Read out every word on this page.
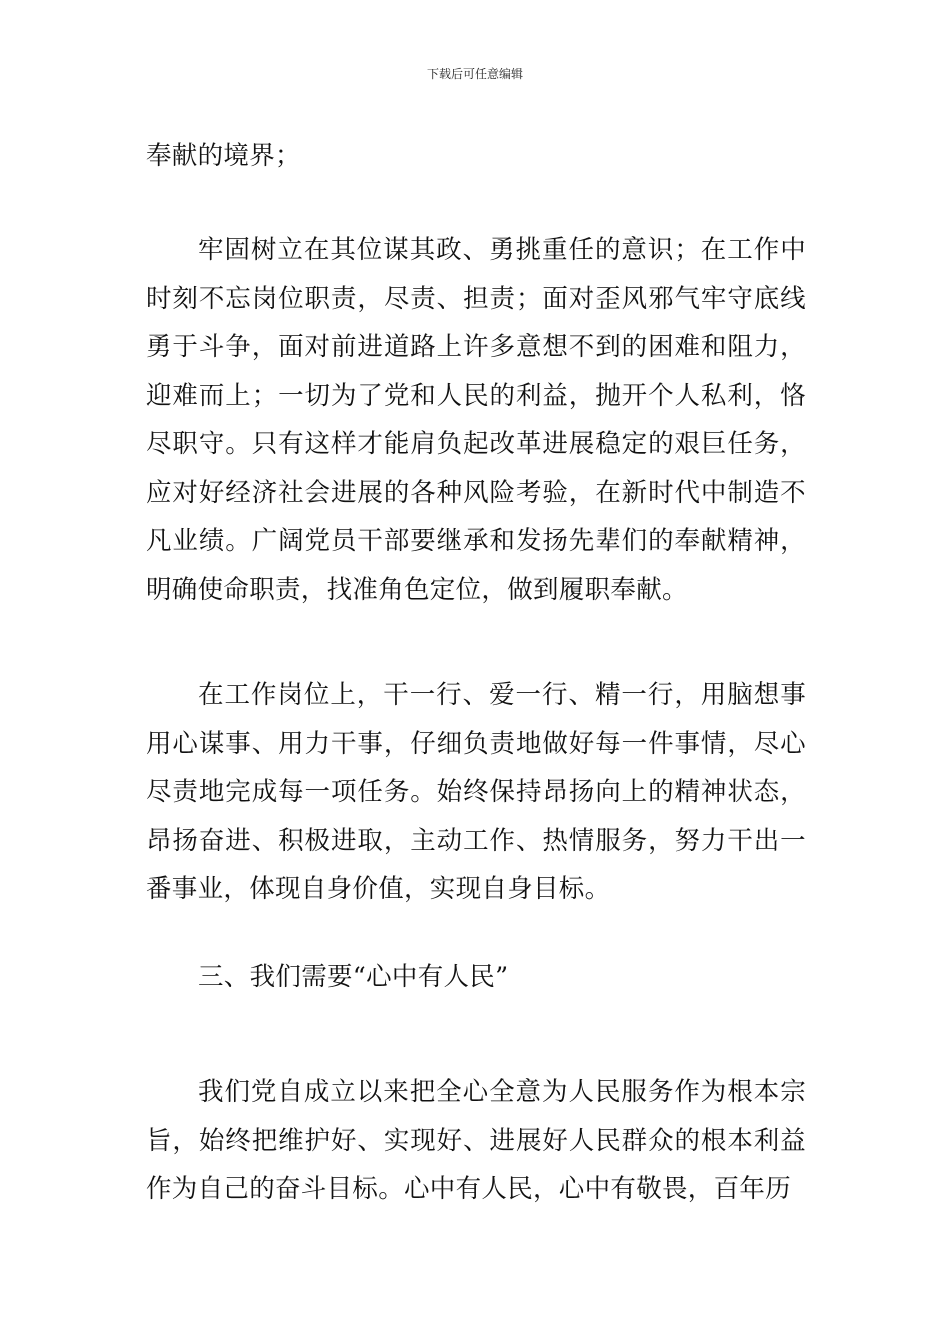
下载后可任意编辑

奉献的境界；

牢固树立在其位谋其政、勇挑重任的意识；在工作中时刻不忘岗位职责，尽责、担责；面对歪风邪气牢守底线勇于斗争，面对前进道路上许多意想不到的困难和阻力，迎难而上；一切为了党和人民的利益，抛开个人私利，恪尽职守。只有这样才能肩负起改革进展稳定的艰巨任务，应对好经济社会进展的各种风险考验，在新时代中制造不凡业绩。广阔党员干部要继承和发扬先辈们的奉献精神，明确使命职责，找准角色定位，做到履职奉献。

在工作岗位上，干一行、爱一行、精一行，用脑想事用心谋事、用力干事，仔细负责地做好每一件事情，尽心尽责地完成每一项任务。始终保持昂扬向上的精神状态，昂扬奋进、积极进取，主动工作、热情服务，努力干出一番事业，体现自身价值，实现自身目标。

三、我们需要“心中有人民”

我们党自成立以来把全心全意为人民服务作为根本宗旨，始终把维护好、实现好、进展好人民群众的根本利益作为自己的奋斗目标。心中有人民，心中有敬畏，百年历
